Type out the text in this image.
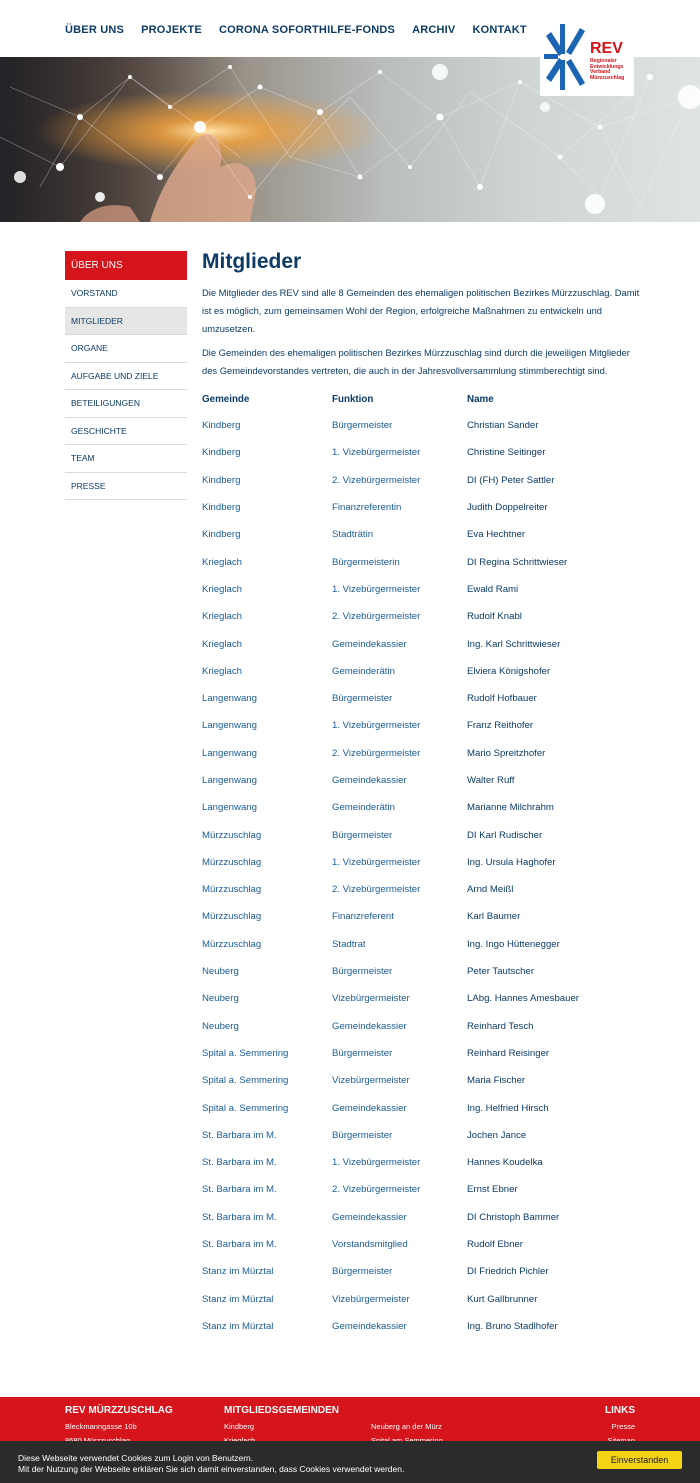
ÜBER UNS PROJEKTE CORONA SOFORTHILFE-FONDS ARCHIV KONTAKT
REV
Regionaler
Entwicklungs
Verband
Mürzzuschlag
ÜBER UNS
VORSTAND
MITGLIEDER
ORGANE
AUFGABE UND ZIELE
BETEILIGUNGEN
GESCHICHTE
TEAM
PRESSE
Mitglieder

Die Mitglieder des REV sind alle 8 Gemeinden des ehemaligen politischen Bezirkes Mürzzuschlag. Damit ist es möglich, zum gemeinsamen Wohl der Region, erfolgreiche Maßnahmen zu entwickeln und umzusetzen.

Die Gemeinden des ehemaligen politischen Bezirkes Mürzzuschlag sind durch die jeweiligen Mitglieder des Gemeindevorstandes vertreten, die auch in der Jahresvollversammlung stimmberechtigt sind.

Gemeinde	Funktion	Name
Kindberg	Bürgermeister	Christian Sander
Kindberg	1. Vizebürgermeister	Christine Seitinger
Kindberg	2. Vizebürgermeister	DI (FH) Peter Sattler
Kindberg	Finanzreferentin	Judith Doppelreiter
Kindberg	Stadträtin	Eva Hechtner
Krieglach	Bürgermeisterin	DI Regina Schrittwieser
Krieglach	1. Vizebürgermeister	Ewald Rami
Krieglach	2. Vizebürgermeister	Rudolf Knabl
Krieglach	Gemeindekassier	Ing. Karl Schrittwieser
Krieglach	Gemeinderätin	Elviera Königshofer
Langenwang	Bürgermeister	Rudolf Hofbauer
Langenwang	1. Vizebürgermeister	Franz Reithofer
Langenwang	2. Vizebürgermeister	Mario Spreitzhofer
Langenwang	Gemeindekassier	Walter Ruff
Langenwang	Gemeinderätin	Marianne Milchrahm
Mürzzuschlag	Bürgermeister	DI Karl Rudischer
Mürzzuschlag	1. Vizebürgermeister	Ing. Ursula Haghofer
Mürzzuschlag	2. Vizebürgermeister	Arnd Meißl
Mürzzuschlag	Finanzreferent	Karl Baumer
Mürzzuschlag	Stadtrat	Ing. Ingo Hüttenegger
Neuberg	Bürgermeister	Peter Tautscher
Neuberg	Vizebürgermeister	LAbg. Hannes Amesbauer
Neuberg	Gemeindekassier	Reinhard Tesch
Spital a. Semmering	Bürgermeister	Reinhard Reisinger
Spital a. Semmering	Vizebürgermeister	Maria Fischer
Spital a. Semmering	Gemeindekassier	Ing. Helfried Hirsch
St. Barbara im M.	Bürgermeister	Jochen Jance
St. Barbara im M.	1. Vizebürgermeister	Hannes Koudelka
St. Barbara im M.	2. Vizebürgermeister	Ernst Ebner
St. Barbara im M.	Gemeindekassier	DI Christoph Bammer
St. Barbara im M.	Vorstandsmitglied	Rudolf Ebner
Stanz im Mürztal	Bürgermeister	DI Friedrich Pichler
Stanz im Mürztal	Vizebürgermeister	Kurt Gallbrunner
Stanz im Mürztal	Gemeindekassier	Ing. Bruno Stadlhofer
REV MÜRZZUSCHLAG
Bleckmanngasse 10b
MITGLIEDSGEMEINDEN
Kindberg	Neuberg an der Mürz
LINKS
Presse
Diese Webseite verwendet Cookies zum Login von Benutzern.
Mit der Nutzung der Webseite erklären Sie sich damit einverstanden, dass Cookies verwendet werden.
Einverstanden
